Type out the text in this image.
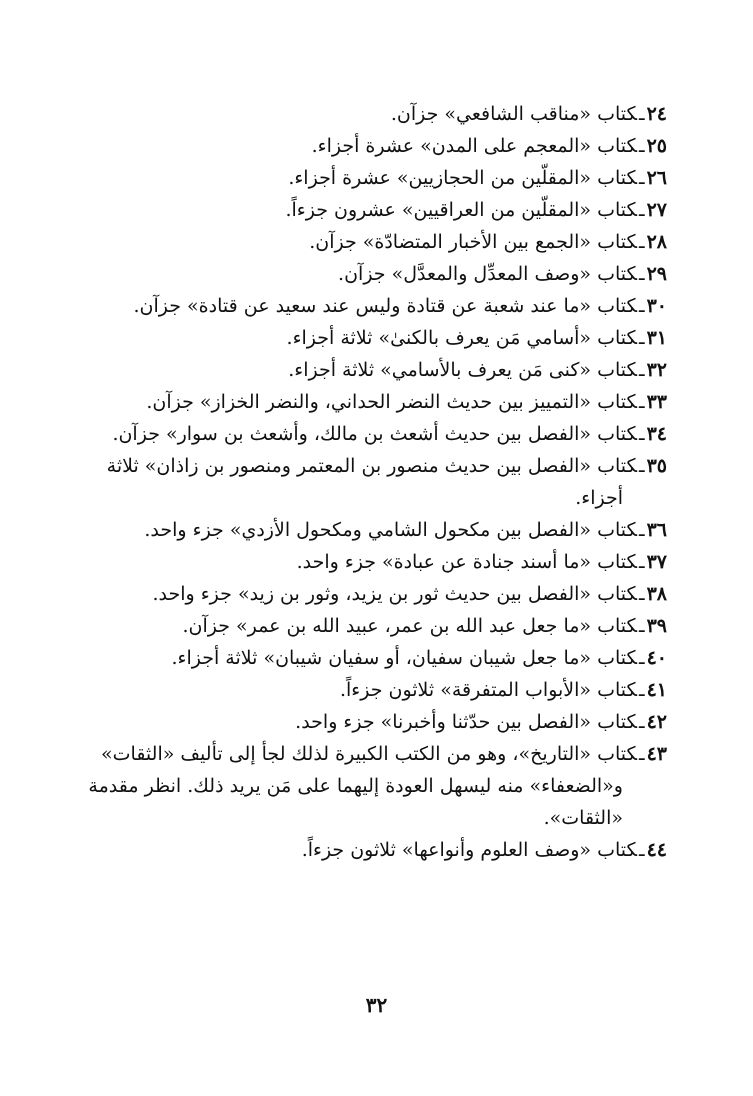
٢٤ـكتاب «مناقب الشافعي» جزآن.
٢٥ـكتاب «المعجم على المدن» عشرة أجزاء.
٢٦ـكتاب «المقلّين من الحجازيين» عشرة أجزاء.
٢٧ـكتاب «المقلّين من العراقيين» عشرون جزءاً.
٢٨ـكتاب «الجمع بين الأخبار المتضادّة» جزآن.
٢٩ـكتاب «وصف المعدِّل والمعدَّل» جزآن.
٣٠ـكتاب «ما عند شعبة عن قتادة وليس عند سعيد عن قتادة» جزآن.
٣١ـكتاب «أسامي مَن يعرف بالكنىٰ» ثلاثة أجزاء.
٣٢ـكتاب «كنى مَن يعرف بالأسامي» ثلاثة أجزاء.
٣٣ـكتاب «التمييز بين حديث النضر الحداني، والنضر الخزاز» جزآن.
٣٤ـكتاب «الفصل بين حديث أشعث بن مالك، وأشعث بن سوار» جزآن.
٣٥ـكتاب «الفصل بين حديث منصور بن المعتمر ومنصور بن زاذان» ثلاثة
أجزاء.
٣٦ـكتاب «الفصل بين مكحول الشامي ومكحول الأزدي» جزء واحد.
٣٧ـكتاب «ما أسند جنادة عن عبادة» جزء واحد.
٣٨ـكتاب «الفصل بين حديث ثور بن يزيد، وثور بن زيد» جزء واحد.
٣٩ـكتاب «ما جعل عبد الله بن عمر، عبيد الله بن عمر» جزآن.
٤٠ـكتاب «ما جعل شيبان سفيان، أو سفيان شيبان» ثلاثة أجزاء.
٤١ـكتاب «الأبواب المتفرقة» ثلاثون جزءاً.
٤٢ـكتاب «الفصل بين حدّثنا وأخبرنا» جزء واحد.
٤٣ـكتاب «التاريخ»، وهو من الكتب الكبيرة لذلك لجأ إلى تأليف «الثقات»
و«الضعفاء» منه ليسهل العودة إليهما على مَن يريد ذلك. انظر مقدمة
«الثقات».
٤٤ـكتاب «وصف العلوم وأنواعها» ثلاثون جزءاً.
٣٢
